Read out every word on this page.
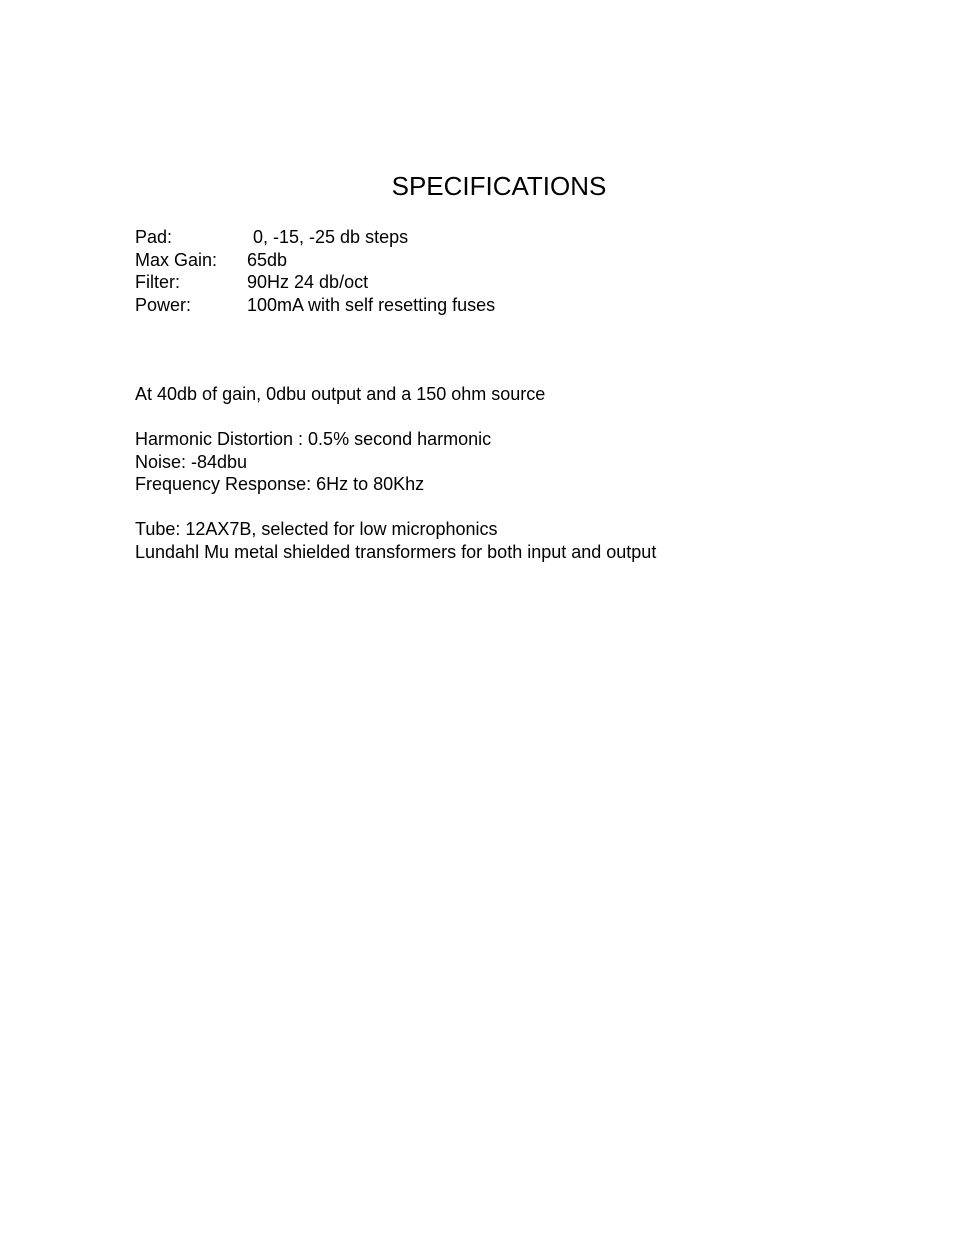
SPECIFICATIONS
Pad:	0, -15, -25 db steps
Max Gain:	65db
Filter:	90Hz 24 db/oct
Power:	100mA with self resetting fuses
At 40db of gain, 0dbu output and a 150 ohm source
Harmonic Distortion : 0.5% second harmonic
Noise: -84dbu
Frequency Response: 6Hz to 80Khz
Tube: 12AX7B, selected for low microphonics
Lundahl Mu metal shielded transformers for both input and output
